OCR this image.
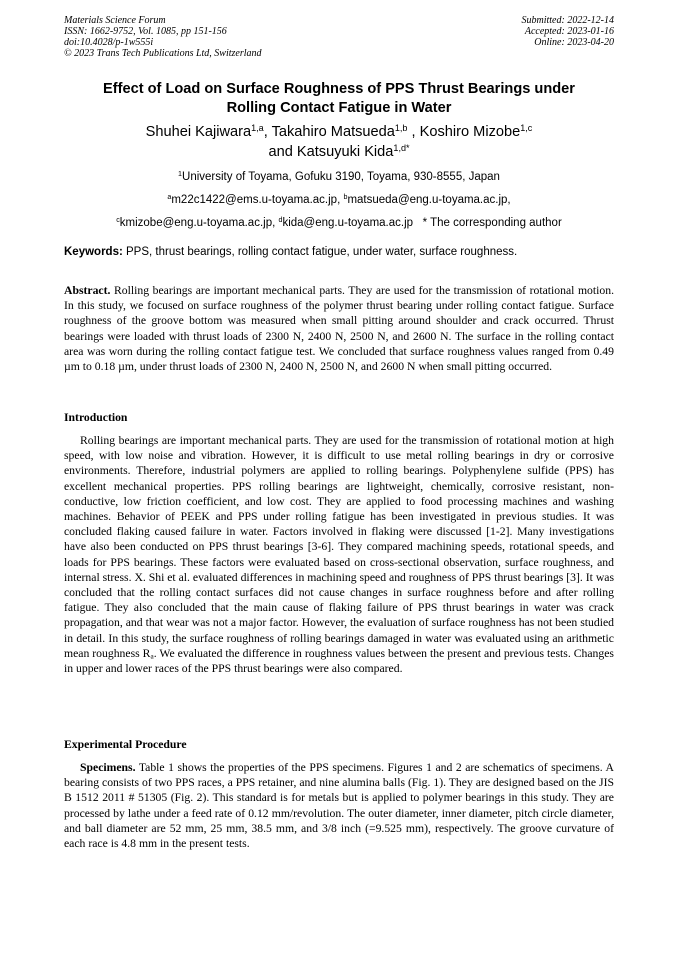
Materials Science Forum
ISSN: 1662-9752, Vol. 1085, pp 151-156
doi:10.4028/p-1w555i
© 2023 Trans Tech Publications Ltd, Switzerland
Submitted: 2022-12-14
Accepted: 2023-01-16
Online: 2023-04-20
Effect of Load on Surface Roughness of PPS Thrust Bearings under
Rolling Contact Fatigue in Water
Shuhei Kajiwara$^{1,a}$, Takahiro Matsueda$^{1,b}$ , Koshiro Mizobe$^{1,c}$
and Katsuyuki Kida$^{1,d*}$
$^1$University of Toyama, Gofuku 3190, Toyama, 930-8555, Japan
$^a$m22c1422@ems.u-toyama.ac.jp, $^b$matsueda@eng.u-toyama.ac.jp,
$^c$kmizobe@eng.u-toyama.ac.jp, $^d$kida@eng.u-toyama.ac.jp   * The corresponding author
Keywords: PPS, thrust bearings, rolling contact fatigue, under water, surface roughness.
Abstract. Rolling bearings are important mechanical parts. They are used for the transmission of rotational motion. In this study, we focused on surface roughness of the polymer thrust bearing under rolling contact fatigue. Surface roughness of the groove bottom was measured when small pitting around shoulder and crack occurred. Thrust bearings were loaded with thrust loads of 2300 N, 2400 N, 2500 N, and 2600 N. The surface in the rolling contact area was worn during the rolling contact fatigue test. We concluded that surface roughness values ranged from 0.49 µm to 0.18 µm, under thrust loads of 2300 N, 2400 N, 2500 N, and 2600 N when small pitting occurred.
Introduction
Rolling bearings are important mechanical parts. They are used for the transmission of rotational motion at high speed, with low noise and vibration. However, it is difficult to use metal rolling bearings in dry or corrosive environments. Therefore, industrial polymers are applied to rolling bearings. Polyphenylene sulfide (PPS) has excellent mechanical properties. PPS rolling bearings are lightweight, chemically, corrosive resistant, non-conductive, low friction coefficient, and low cost. They are applied to food processing machines and washing machines. Behavior of PEEK and PPS under rolling fatigue has been investigated in previous studies. It was concluded flaking caused failure in water. Factors involved in flaking were discussed [1-2]. Many investigations have also been conducted on PPS thrust bearings [3-6]. They compared machining speeds, rotational speeds, and loads for PPS bearings. These factors were evaluated based on cross-sectional observation, surface roughness, and internal stress. X. Shi et al. evaluated differences in machining speed and roughness of PPS thrust bearings [3]. It was concluded that the rolling contact surfaces did not cause changes in surface roughness before and after rolling fatigue. They also concluded that the main cause of flaking failure of PPS thrust bearings in water was crack propagation, and that wear was not a major factor. However, the evaluation of surface roughness has not been studied in detail. In this study, the surface roughness of rolling bearings damaged in water was evaluated using an arithmetic mean roughness $R_a$. We evaluated the difference in roughness values between the present and previous tests. Changes in upper and lower races of the PPS thrust bearings were also compared.
Experimental Procedure
Specimens. Table 1 shows the properties of the PPS specimens. Figures 1 and 2 are schematics of specimens. A bearing consists of two PPS races, a PPS retainer, and nine alumina balls (Fig. 1). They are designed based on the JIS B 1512 2011 # 51305 (Fig. 2). This standard is for metals but is applied to polymer bearings in this study. They are processed by lathe under a feed rate of 0.12 mm/revolution. The outer diameter, inner diameter, pitch circle diameter, and ball diameter are 52 mm, 25 mm, 38.5 mm, and 3/8 inch (=9.525 mm), respectively. The groove curvature of each race is 4.8 mm in the present tests.
